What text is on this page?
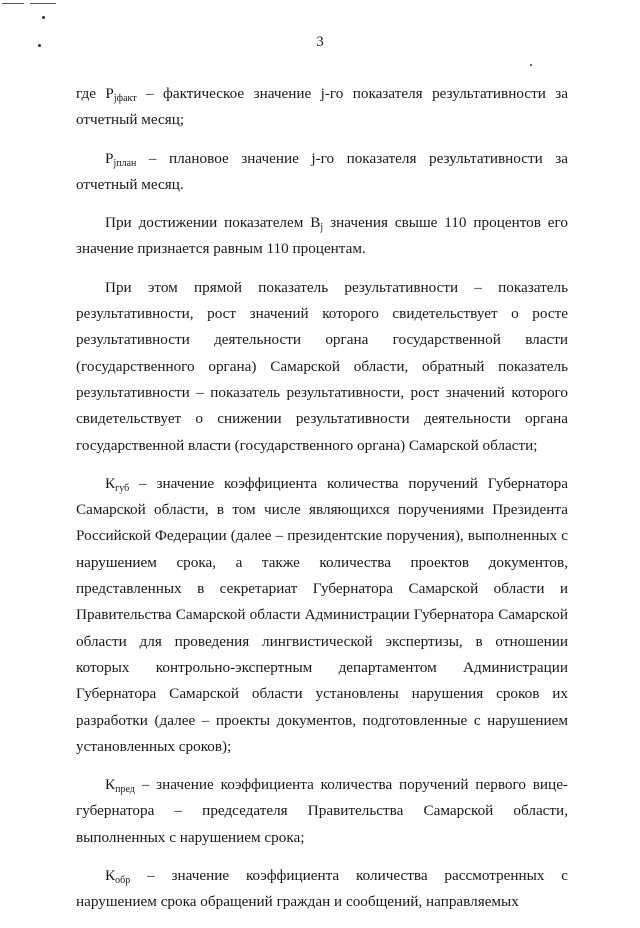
3

где $P_{jфакт}$ – фактическое значение j-го показателя результативности за отчетный месяц;

$P_{jплан}$ – плановое значение j-го показателя результативности за отчетный месяц.

При достижении показателем $B_j$ значения свыше 110 процентов его значение признается равным 110 процентам.

При этом прямой показатель результативности – показатель результативности, рост значений которого свидетельствует о росте результативности деятельности органа государственной власти (государственного органа) Самарской области, обратный показатель результативности – показатель результативности, рост значений которого свидетельствует о снижении результативности деятельности органа государственной власти (государственного органа) Самарской области;

$К_{губ}$ – значение коэффициента количества поручений Губернатора Самарской области, в том числе являющихся поручениями Президента Российской Федерации (далее – президентские поручения), выполненных с нарушением срока, а также количества проектов документов, представленных в секретариат Губернатора Самарской области и Правительства Самарской области Администрации Губернатора Самарской области для проведения лингвистической экспертизы, в отношении которых контрольно-экспертным департаментом Администрации Губернатора Самарской области установлены нарушения сроков их разработки (далее – проекты документов, подготовленные с нарушением установленных сроков);

$К_{пред}$ – значение коэффициента количества поручений первого вице-губернатора – председателя Правительства Самарской области, выполненных с нарушением срока;

$К_{обр}$ – значение коэффициента количества рассмотренных с нарушением срока обращений граждан и сообщений, направляемых
